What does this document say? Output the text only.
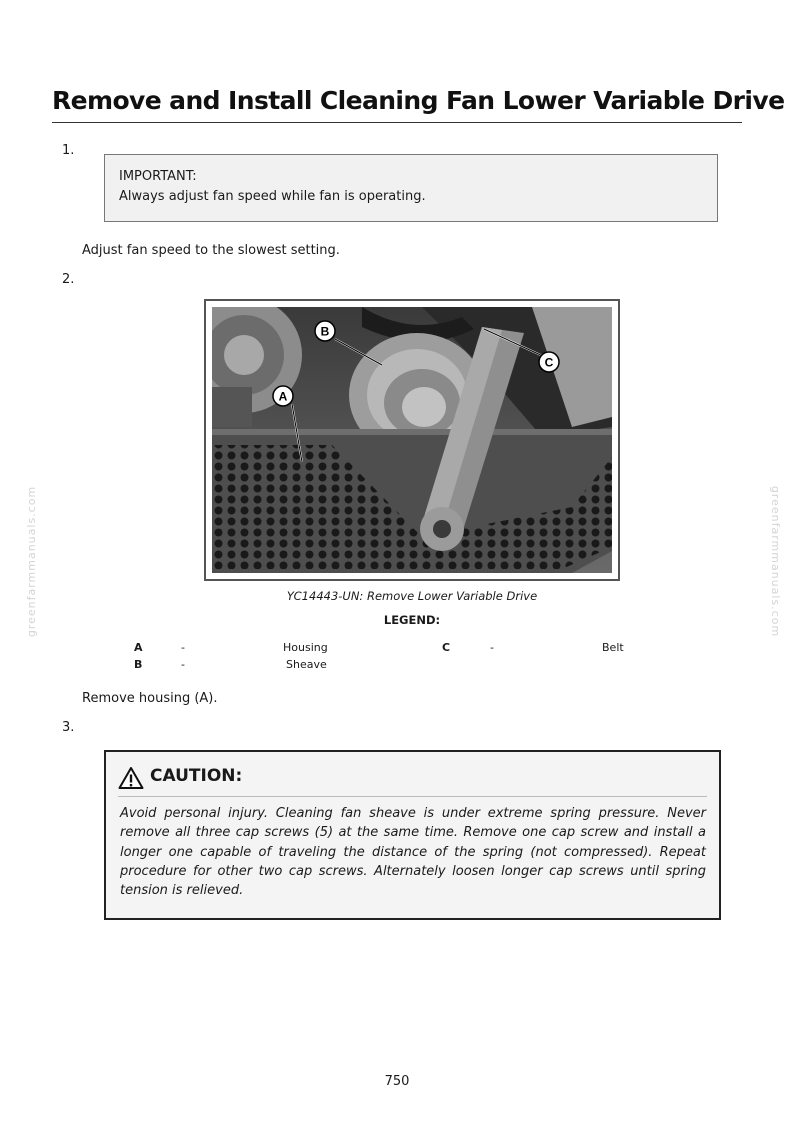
Remove and Install Cleaning Fan Lower Variable Drive
1.
IMPORTANT:
Always adjust fan speed while fan is operating.
Adjust fan speed to the slowest setting.
2.
B
C
A
YC14443-UN: Remove Lower Variable Drive
LEGEND:
A	-	Housing
B	-	Sheave
C	-	Belt
Remove housing (A).
3.
CAUTION:
Avoid personal injury. Cleaning fan sheave is under extreme spring pressure. Never remove all three cap screws (5) at the same time. Remove one cap screw and install a longer one capable of traveling the distance of the spring (not compressed). Repeat procedure for other two cap screws. Alternately loosen longer cap screws until spring tension is relieved.
greenfarmmanuals.com	greenfarmmanuals.com
750
